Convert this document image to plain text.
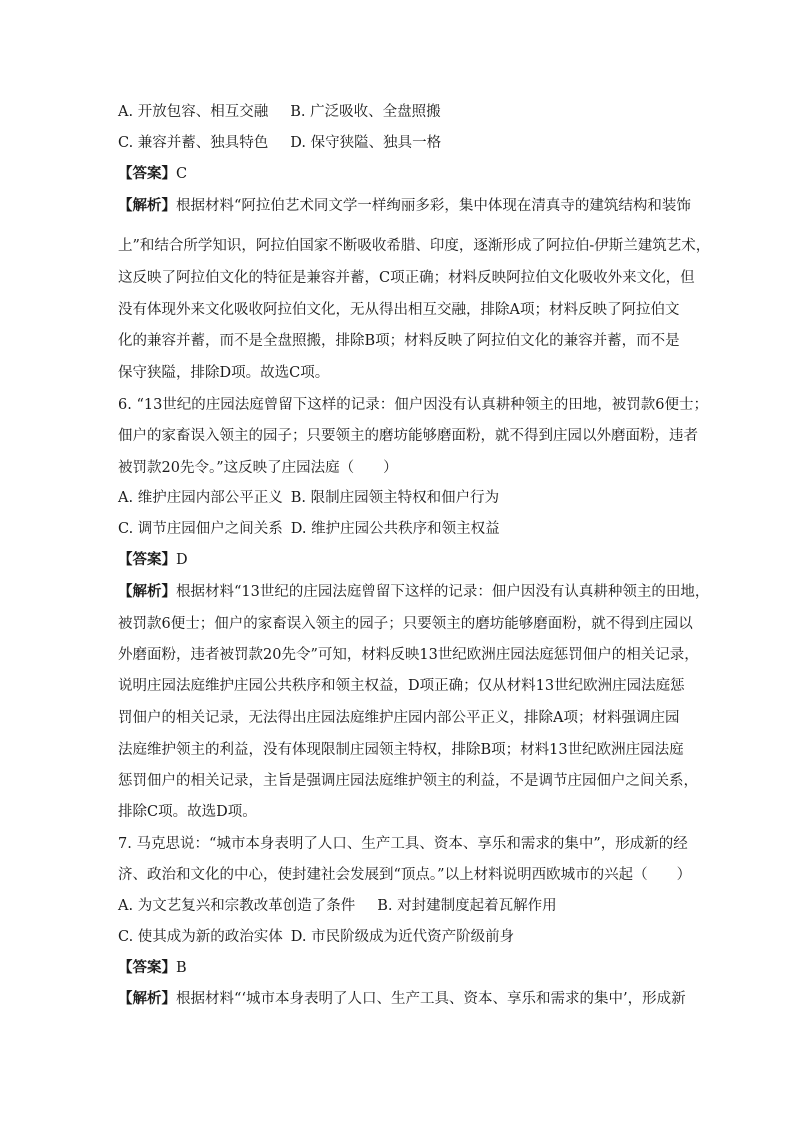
A. 开放包容、相互交融 B. 广泛吸收、全盘照搬
C. 兼容并蓄、独具特色 D. 保守狭隘、独具一格
【答案】C
【解析】根据材料“阿拉伯艺术同文学一样绚丽多彩，集中体现在清真寺的建筑结构和装饰
上”和结合所学知识，阿拉伯国家不断吸收希腊、印度，逐渐形成了阿拉伯-伊斯兰建筑艺术，
这反映了阿拉伯文化的特征是兼容并蓄，C项正确；材料反映阿拉伯文化吸收外来文化，但
没有体现外来文化吸收阿拉伯文化，无从得出相互交融，排除A项；材料反映了阿拉伯文
化的兼容并蓄，而不是全盘照搬，排除B项；材料反映了阿拉伯文化的兼容并蓄，而不是
保守狭隘，排除D项。故选C项。
6. “13世纪的庄园法庭曾留下这样的记录：佃户因没有认真耕种领主的田地，被罚款6便士；
佃户的家畜误入领主的园子；只要领主的磨坊能够磨面粉，就不得到庄园以外磨面粉，违者
被罚款20先令。”这反映了庄园法庭（　　）
A. 维护庄园内部公平正义 B. 限制庄园领主特权和佃户行为
C. 调节庄园佃户之间关系 D. 维护庄园公共秩序和领主权益
【答案】D
【解析】根据材料“13世纪的庄园法庭曾留下这样的记录：佃户因没有认真耕种领主的田地，
被罚款6便士；佃户的家畜误入领主的园子；只要领主的磨坊能够磨面粉，就不得到庄园以
外磨面粉，违者被罚款20先令”可知，材料反映13世纪欧洲庄园法庭惩罚佃户的相关记录，
说明庄园法庭维护庄园公共秩序和领主权益，D项正确；仅从材料13世纪欧洲庄园法庭惩
罚佃户的相关记录，无法得出庄园法庭维护庄园内部公平正义，排除A项；材料强调庄园
法庭维护领主的利益，没有体现限制庄园领主特权，排除B项；材料13世纪欧洲庄园法庭
惩罚佃户的相关记录，主旨是强调庄园法庭维护领主的利益，不是调节庄园佃户之间关系，
排除C项。故选D项。
7. 马克思说：“城市本身表明了人口、生产工具、资本、享乐和需求的集中”，形成新的经
济、政治和文化的中心，使封建社会发展到“顶点。”以上材料说明西欧城市的兴起（　　）
A. 为文艺复兴和宗教改革创造了条件 B. 对封建制度起着瓦解作用
C. 使其成为新的政治实体 D. 市民阶级成为近代资产阶级前身
【答案】B
【解析】根据材料“‘城市本身表明了人口、生产工具、资本、享乐和需求的集中’，形成新
